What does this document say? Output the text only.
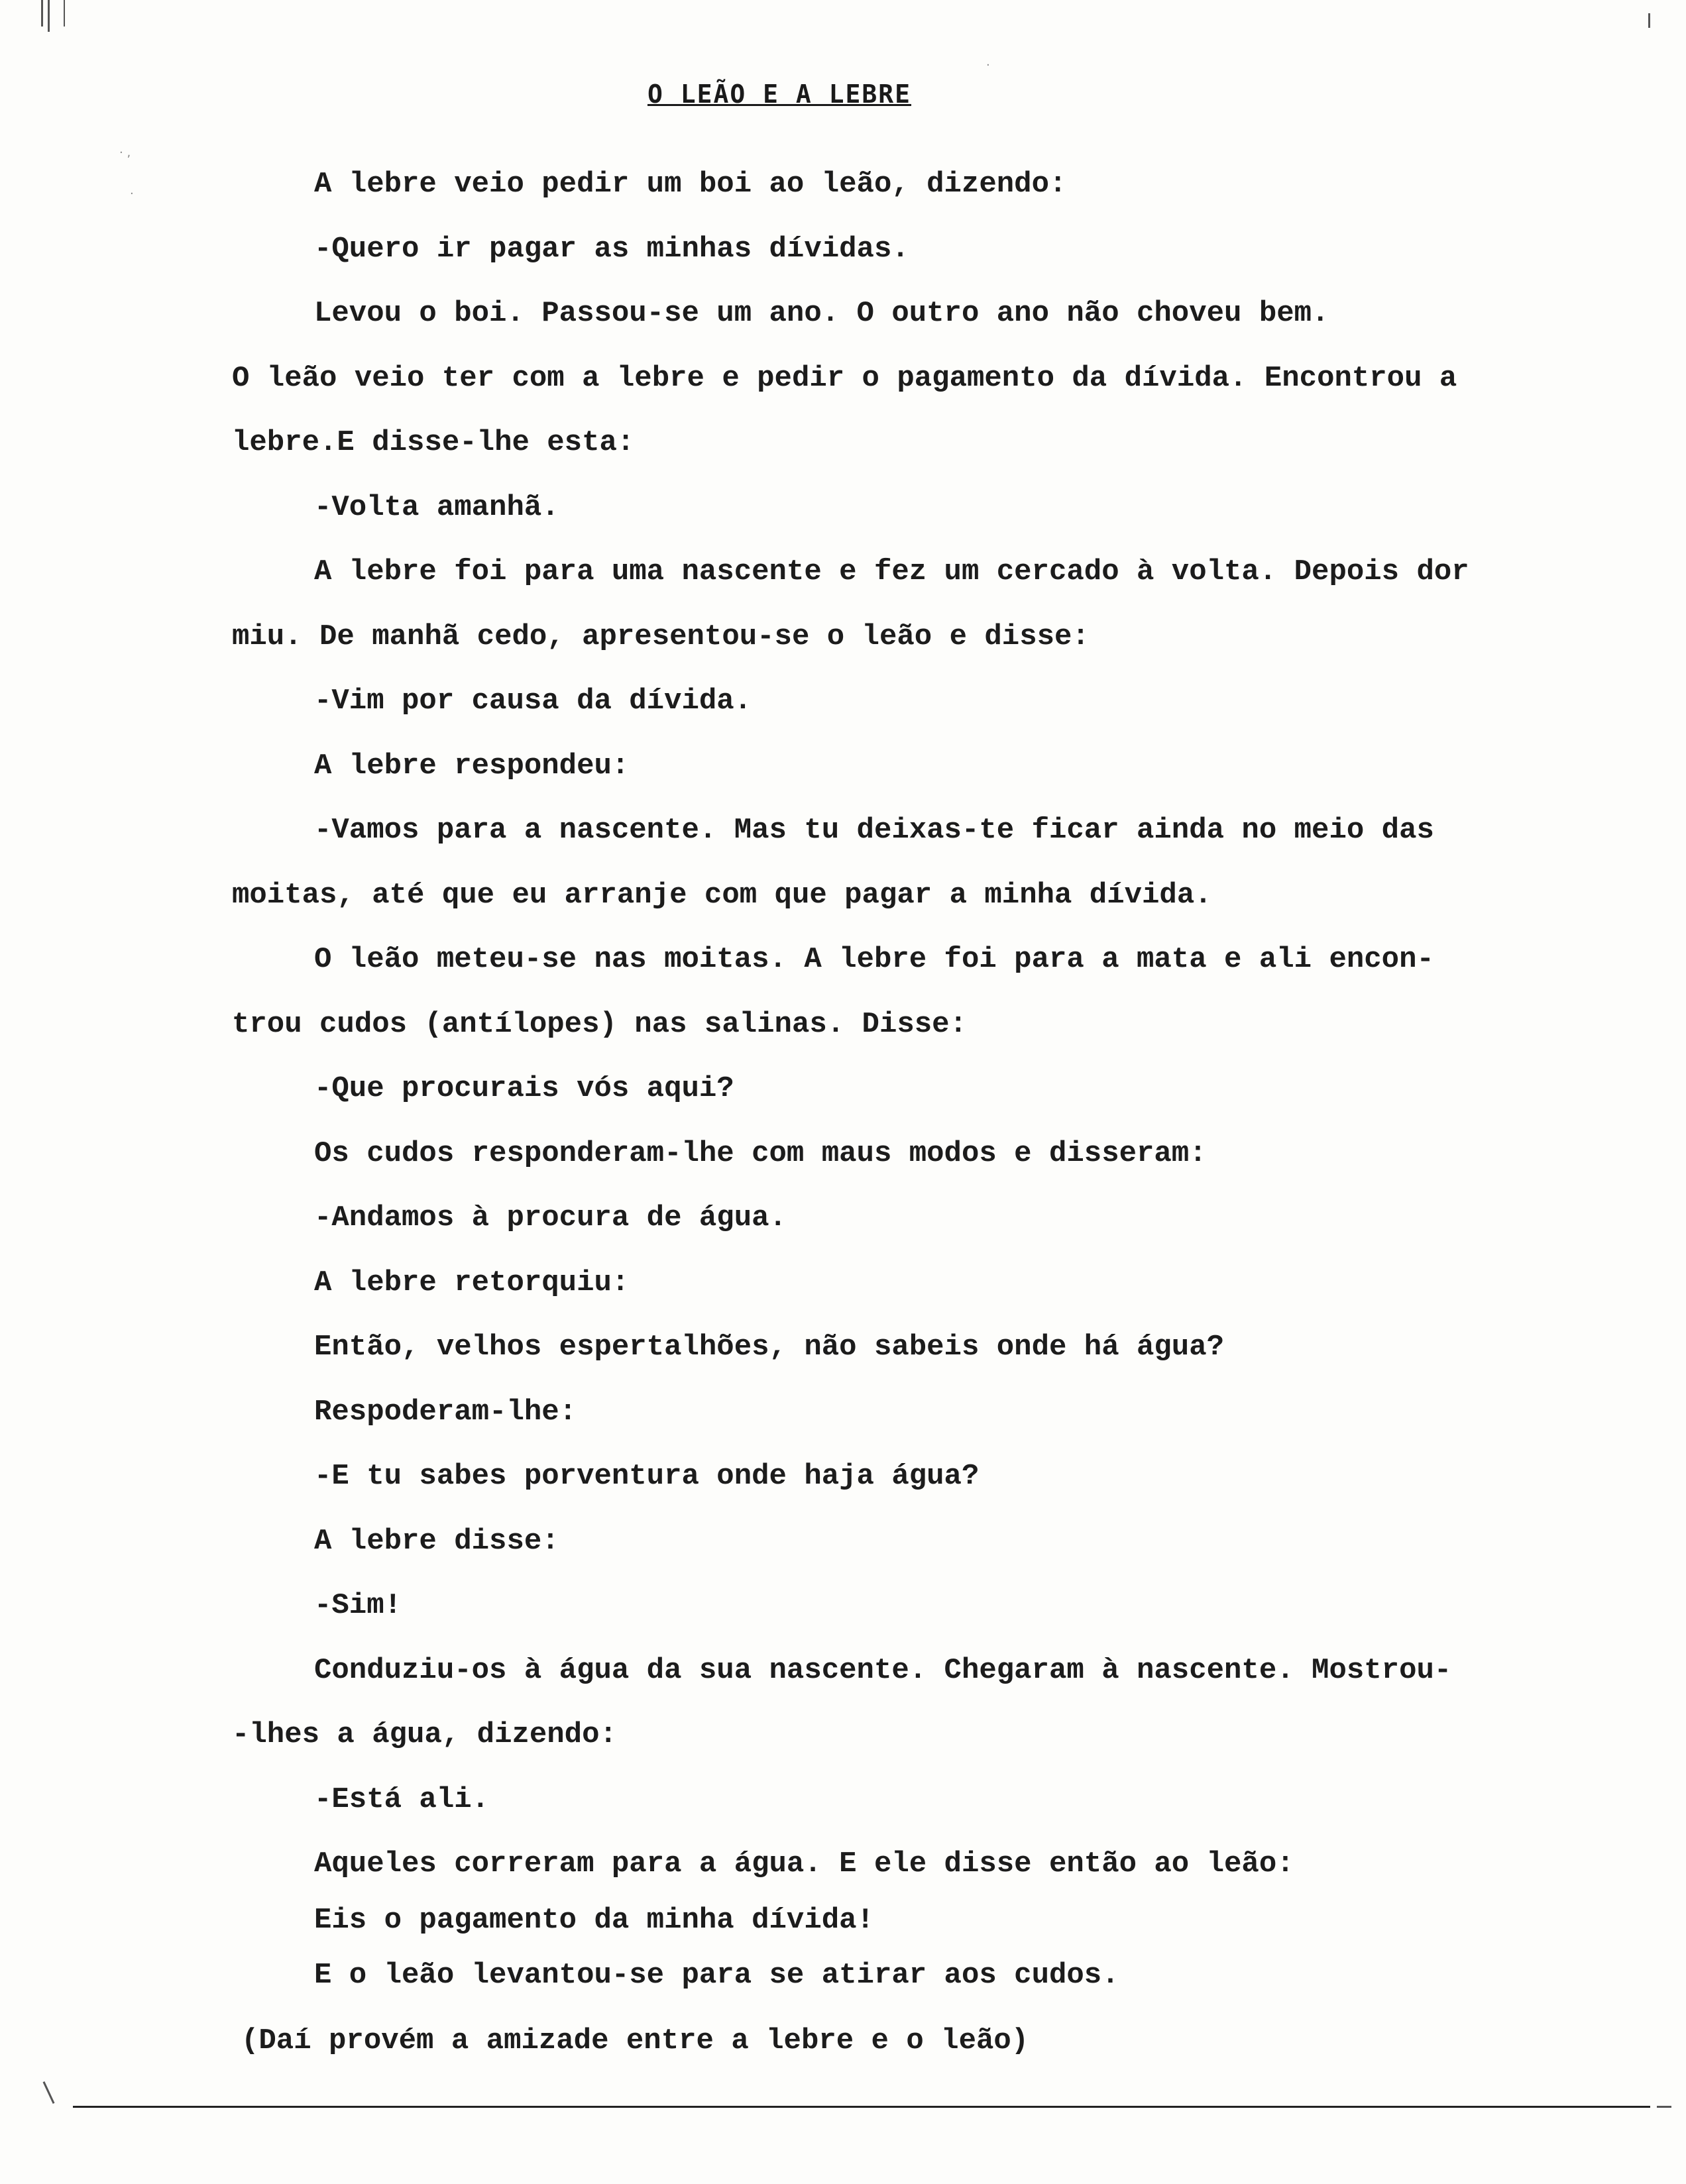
· ,
·
·
O LEÃO E A LEBRE
A lebre veio pedir um boi ao leão, dizendo:
-Quero ir pagar as minhas dívidas.
Levou o boi. Passou-se um ano. O outro ano não choveu bem.
O leão veio ter com a lebre e pedir o pagamento da dívida. Encontrou a
lebre.E disse-lhe esta:
-Volta amanhã.
A lebre foi para uma nascente e fez um cercado à volta. Depois dor
miu. De manhã cedo, apresentou-se o leão e disse:
-Vim por causa da dívida.
A lebre respondeu:
-Vamos para a nascente. Mas tu deixas-te ficar ainda no meio das
moitas, até que eu arranje com que pagar a minha dívida.
O leão meteu-se nas moitas. A lebre foi para a mata e ali encon-
trou cudos (antílopes) nas salinas. Disse:
-Que procurais vós aqui?
Os cudos responderam-lhe com maus modos e disseram:
-Andamos à procura de água.
A lebre retorquiu:
Então, velhos espertalhões, não sabeis onde há água?
Respoderam-lhe:
-E tu sabes porventura onde haja água?
A lebre disse:
-Sim!
Conduziu-os à água da sua nascente. Chegaram à nascente. Mostrou-
-lhes a água, dizendo:
-Está ali.
Aqueles correram para a água. E ele disse então ao leão:
Eis o pagamento da minha dívida!
E o leão levantou-se para se atirar aos cudos.
(Daí provém a amizade entre a lebre e o leão)
